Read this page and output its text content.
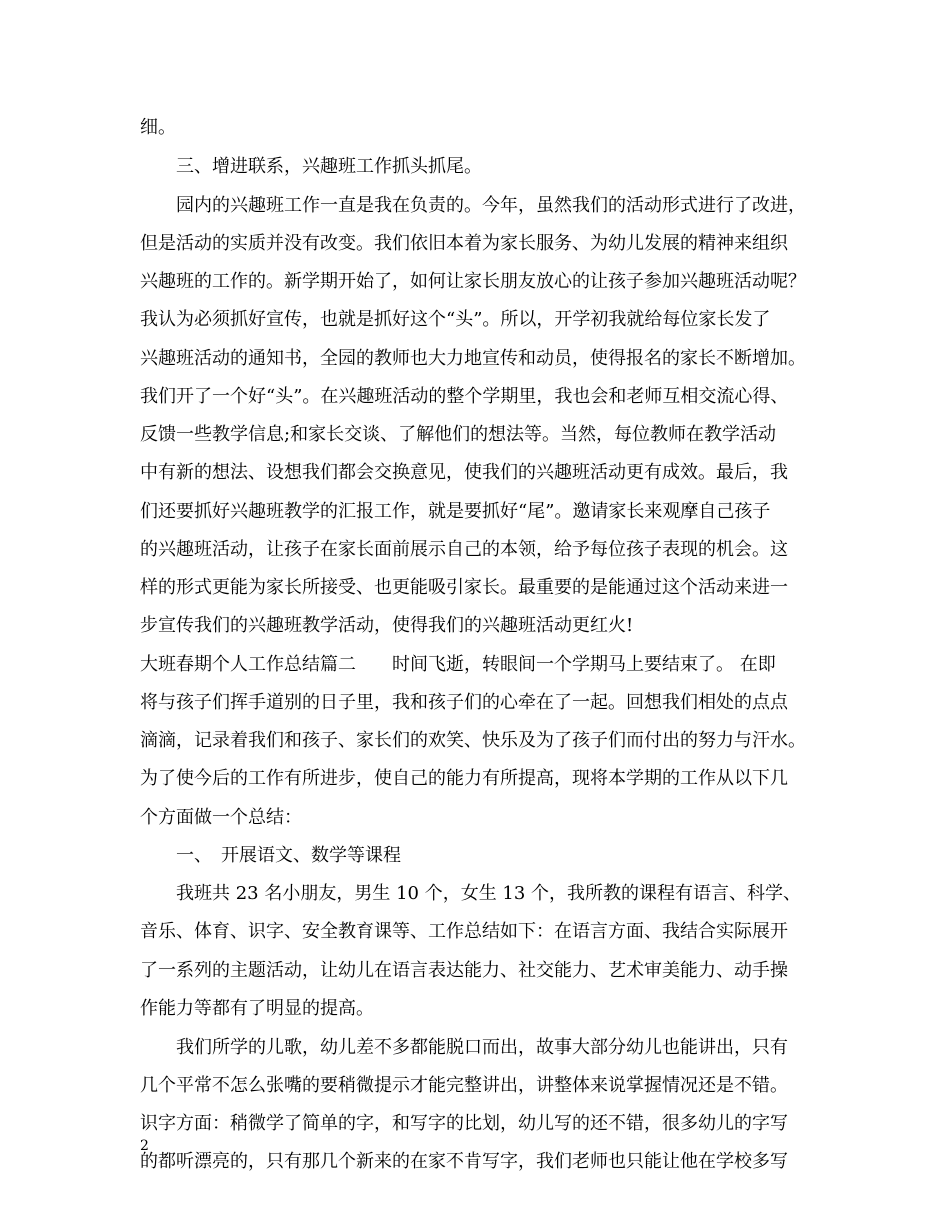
细。
三、增进联系，兴趣班工作抓头抓尾。
园内的兴趣班工作一直是我在负责的。今年，虽然我们的活动形式进行了改进，
但是活动的实质并没有改变。我们依旧本着为家长服务、为幼儿发展的精神来组织
兴趣班的工作的。新学期开始了，如何让家长朋友放心的让孩子参加兴趣班活动呢？
我认为必须抓好宣传，也就是抓好这个“头”。所以，开学初我就给每位家长发了
兴趣班活动的通知书，全园的教师也大力地宣传和动员，使得报名的家长不断增加。
我们开了一个好“头”。在兴趣班活动的整个学期里，我也会和老师互相交流心得、
反馈一些教学信息;和家长交谈、了解他们的想法等。当然，每位教师在教学活动
中有新的想法、设想我们都会交换意见，使我们的兴趣班活动更有成效。最后，我
们还要抓好兴趣班教学的汇报工作，就是要抓好“尾”。邀请家长来观摩自己孩子
的兴趣班活动，让孩子在家长面前展示自己的本领，给予每位孩子表现的机会。这
样的形式更能为家长所接受、也更能吸引家长。最重要的是能通过这个活动来进一
步宣传我们的兴趣班教学活动，使得我们的兴趣班活动更红火!
大班春期个人工作总结篇二　　时间飞逝，转眼间一个学期马上要结束了。 在即
将与孩子们挥手道别的日子里，我和孩子们的心牵在了一起。回想我们相处的点点
滴滴，记录着我们和孩子、家长们的欢笑、快乐及为了孩子们而付出的努力与汗水。
为了使今后的工作有所进步，使自己的能力有所提高，现将本学期的工作从以下几
个方面做一个总结：
一、　开展语文、数学等课程
我班共 23 名小朋友，男生 10 个，女生 13 个，我所教的课程有语言、科学、
音乐、体育、识字、安全教育课等、工作总结如下：在语言方面、我结合实际展开
了一系列的主题活动，让幼儿在语言表达能力、社交能力、艺术审美能力、动手操
作能力等都有了明显的提高。
我们所学的儿歌，幼儿差不多都能脱口而出，故事大部分幼儿也能讲出，只有
几个平常不怎么张嘴的要稍微提示才能完整讲出，讲整体来说掌握情况还是不错。
识字方面：稍微学了简单的字，和写字的比划，幼儿写的还不错，很多幼儿的字写
的都听漂亮的，只有那几个新来的在家不肯写字，我们老师也只能让他在学校多写
2
